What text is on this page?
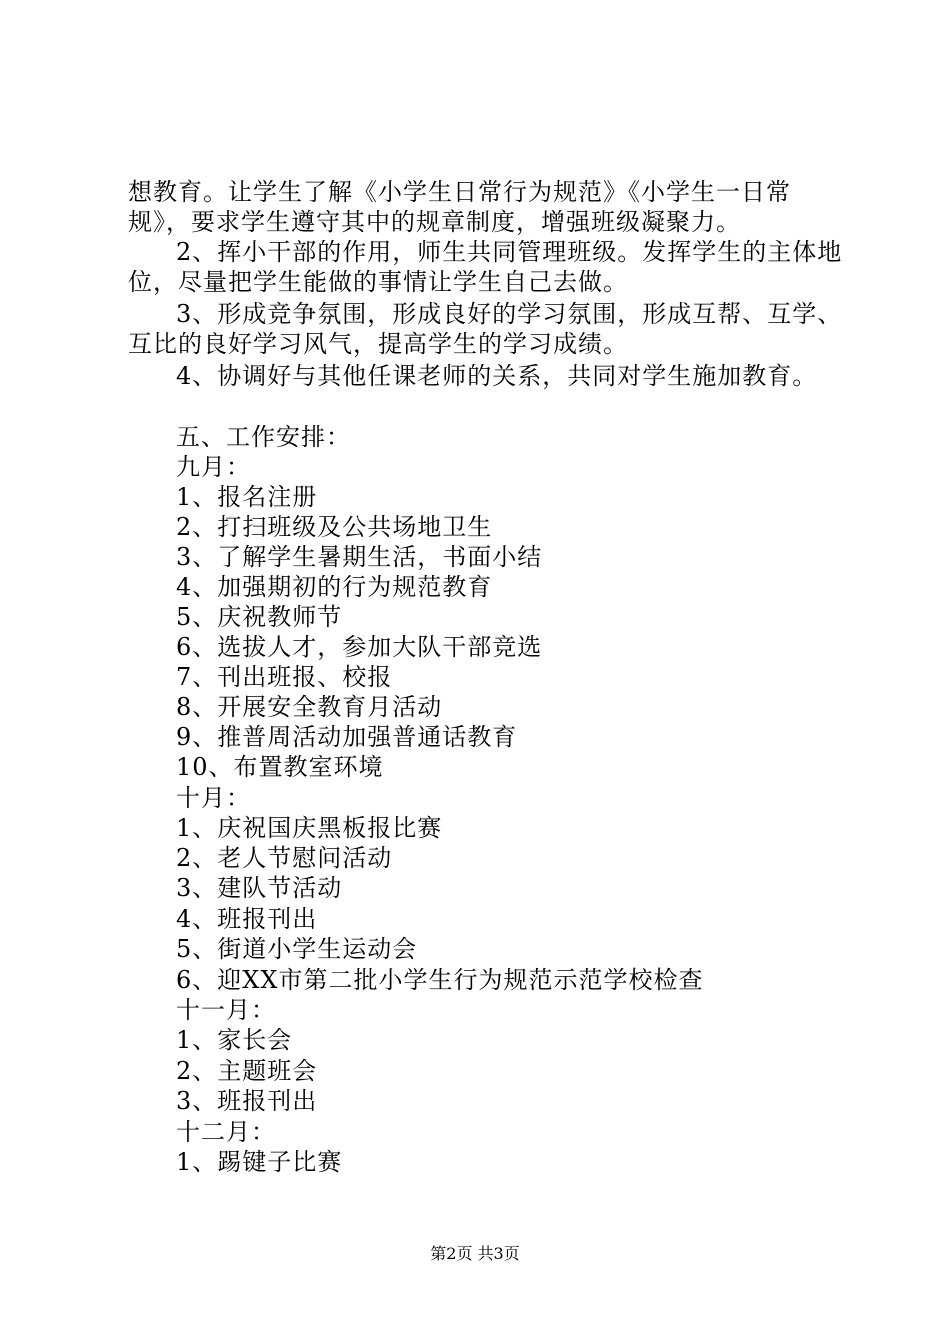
想教育。让学生了解《小学生日常行为规范》《小学生一日常规》，要求学生遵守其中的规章制度，增强班级凝聚力。
2、挥小干部的作用，师生共同管理班级。发挥学生的主体地位，尽量把学生能做的事情让学生自己去做。
3、形成竞争氛围，形成良好的学习氛围，形成互帮、互学、互比的良好学习风气，提高学生的学习成绩。
4、协调好与其他任课老师的关系，共同对学生施加教育。
五、工作安排：
九月：
1、报名注册
2、打扫班级及公共场地卫生
3、了解学生暑期生活，书面小结
4、加强期初的行为规范教育
5、庆祝教师节
6、选拔人才，参加大队干部竞选
7、刊出班报、校报
8、开展安全教育月活动
9、推普周活动加强普通话教育
10、布置教室环境
十月：
1、庆祝国庆黑板报比赛
2、老人节慰问活动
3、建队节活动
4、班报刊出
5、街道小学生运动会
6、迎XX市第二批小学生行为规范示范学校检查
十一月：
1、家长会
2、主题班会
3、班报刊出
十二月：
1、踢键子比赛
第2页 共3页
